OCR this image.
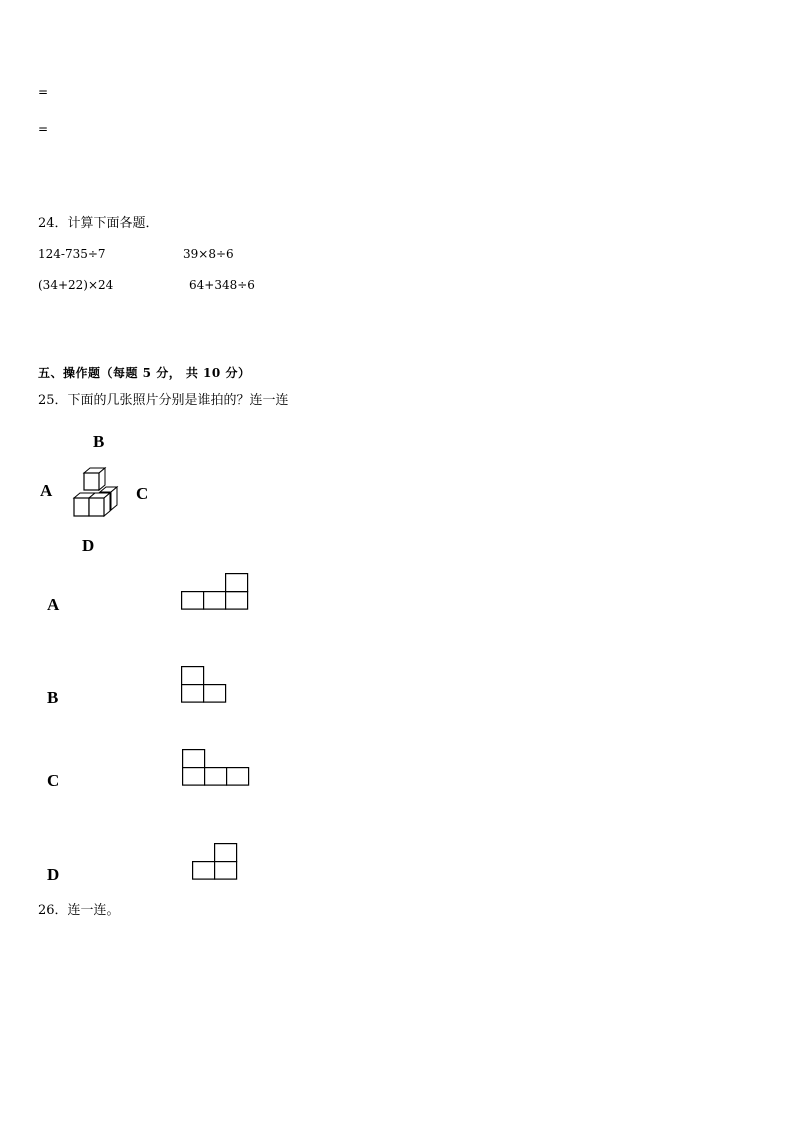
=
=
24．计算下面各题．
124-735÷7	39×8÷6
(34+22)×24	64+348÷6
五、操作题（每题 5 分， 共 10 分）
25．下面的几张照片分别是谁拍的？连一连
B
A	C
D
A
B
C
D
26．连一连。
